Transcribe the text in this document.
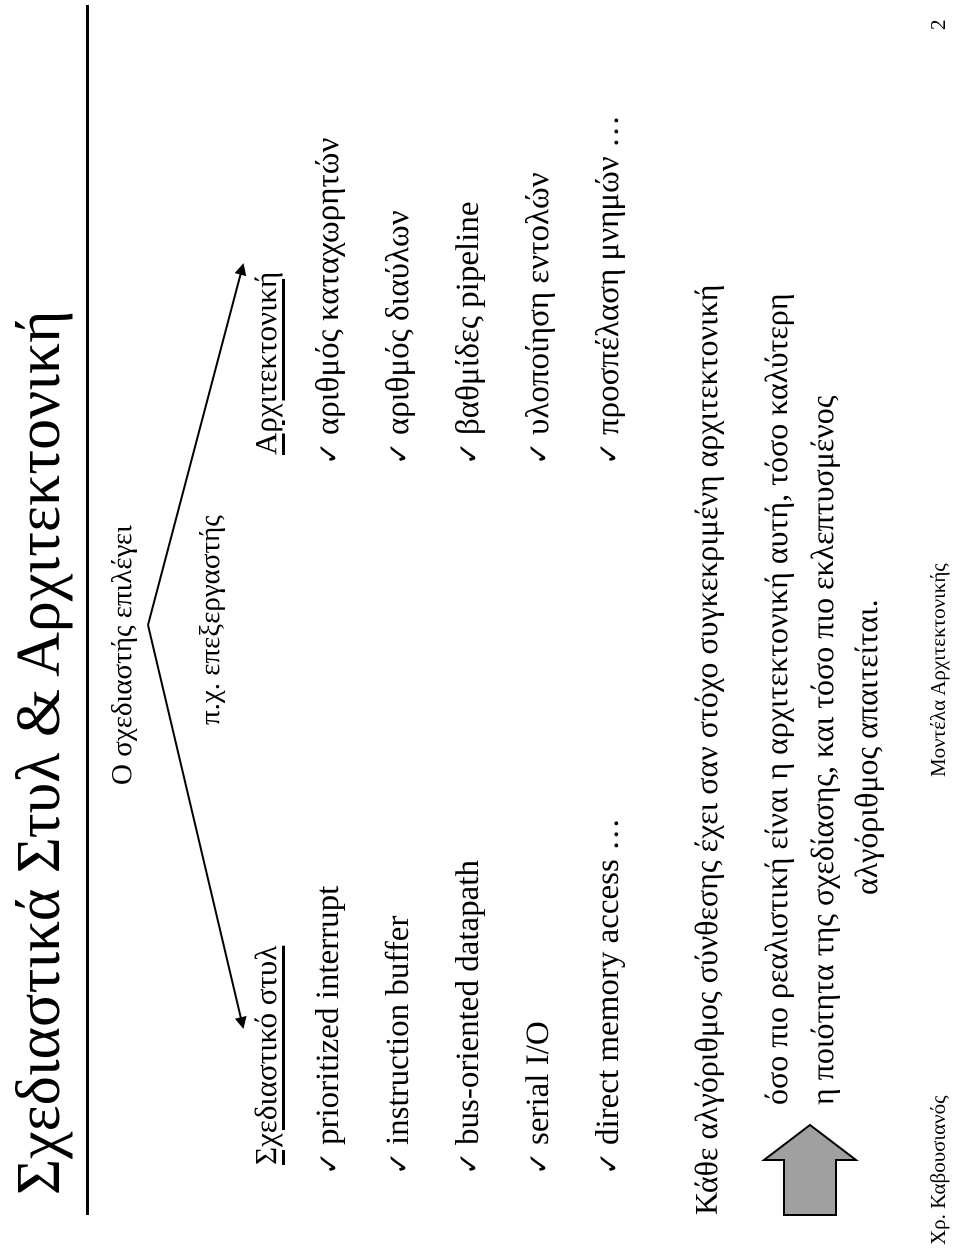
Σχεδιαστικά Στυλ & Αρχιτεκτονική Ο σχεδιαστής επιλέγει π.χ. επεξεργαστής
Σχεδιαστικό στυλ
Αρχιτεκτονική
✓prioritized interrupt
✓instruction buffer
✓bus-oriented datapath
✓serial I/O
✓direct memory access …
✓αριθμός καταχωρητών
✓αριθμός διαύλων
✓βαθμίδες pipeline
✓υλοποίηση εντολών
✓προσπέλαση μνημών …
Κάθε αλγόριθμος σύνθεσης έχει σαν στόχο συγκεκριμένη αρχιτεκτονική όσο πιο ρεαλιστική είναι η αρχιτεκτονική αυτή, τόσο καλύτερη η ποιότητα της σχεδίασης, και τόσο πιο εκλεπτυσμένος αλγόριθμος απαιτείται.
Χρ. Καβουσιανός
Μοντέλα Αρχιτεκτονικής
2
